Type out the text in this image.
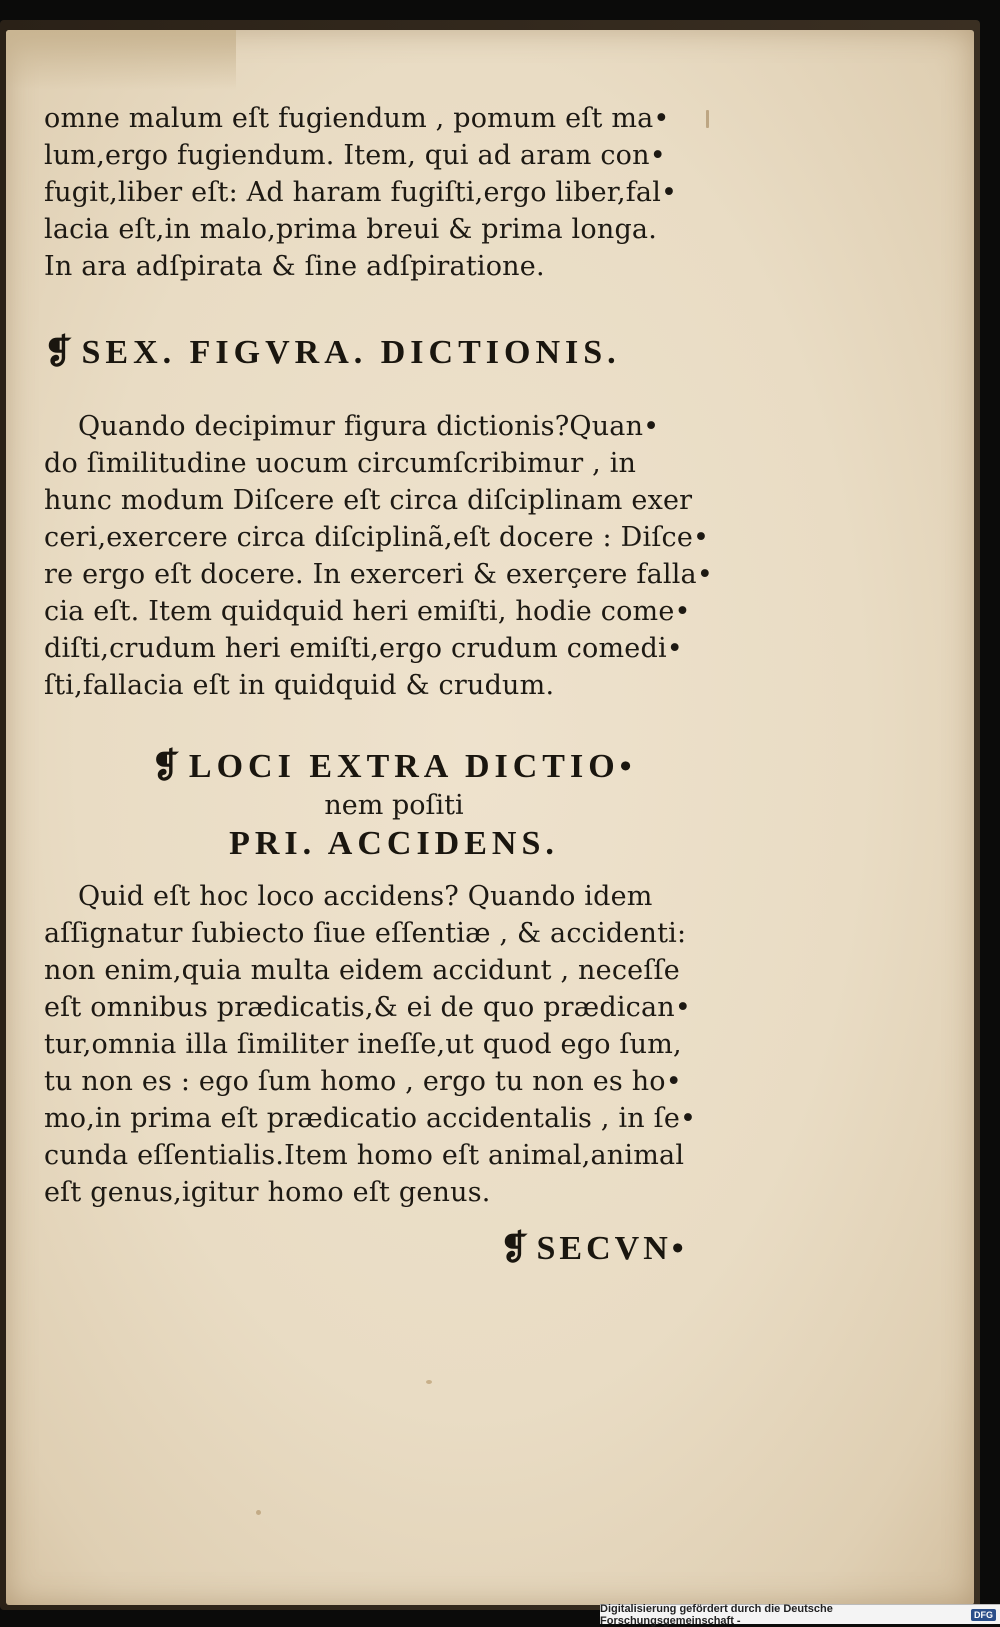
omne malum eſt fugiendum , pomum eſt ma•
lum,ergo fugiendum. Item, qui ad aram con•
fugit,liber eſt: Ad haram fugiſti,ergo liber,fal•
lacia eſt,in malo,prima breui & prima longa.
In ara adſpirata & ſine adſpiratione.
❡ SEX. FIGVRA. DICTIONIS.
Quando decipimur figura dictionis?Quan•
do ſimilitudine uocum circumſcribimur , in
hunc modum Diſcere eſt circa diſciplinam exer
ceri,exercere circa diſciplinã,eſt docere : Diſce•
re ergo eſt docere. In exerceri & exerçere falla•
cia eſt. Item quidquid heri emiſti, hodie come•
diſti,crudum heri emiſti,ergo crudum comedi•
ſti,fallacia eſt in quidquid & crudum.
❡ LOCI EXTRA DICTIO•
nem poſiti
PRI. ACCIDENS.
Quid eſt hoc loco accidens? Quando idem
aſſignatur ſubiecto ſiue eſſentiæ , & accidenti:
non enim,quia multa eidem accidunt , neceſſe
eſt omnibus prædicatis,& ei de quo prædican•
tur,omnia illa ſimiliter ineſſe,ut quod ego ſum,
tu non es : ego ſum homo , ergo tu non es ho•
mo,in prima eſt prædicatio accidentalis , in ſe•
cunda eſſentialis.Item homo eſt animal,animal
eſt genus,igitur homo eſt genus.
❡ SECVN•
Digitalisierung gefördert durch die Deutsche Forschungsgemeinschaft -	DFG
